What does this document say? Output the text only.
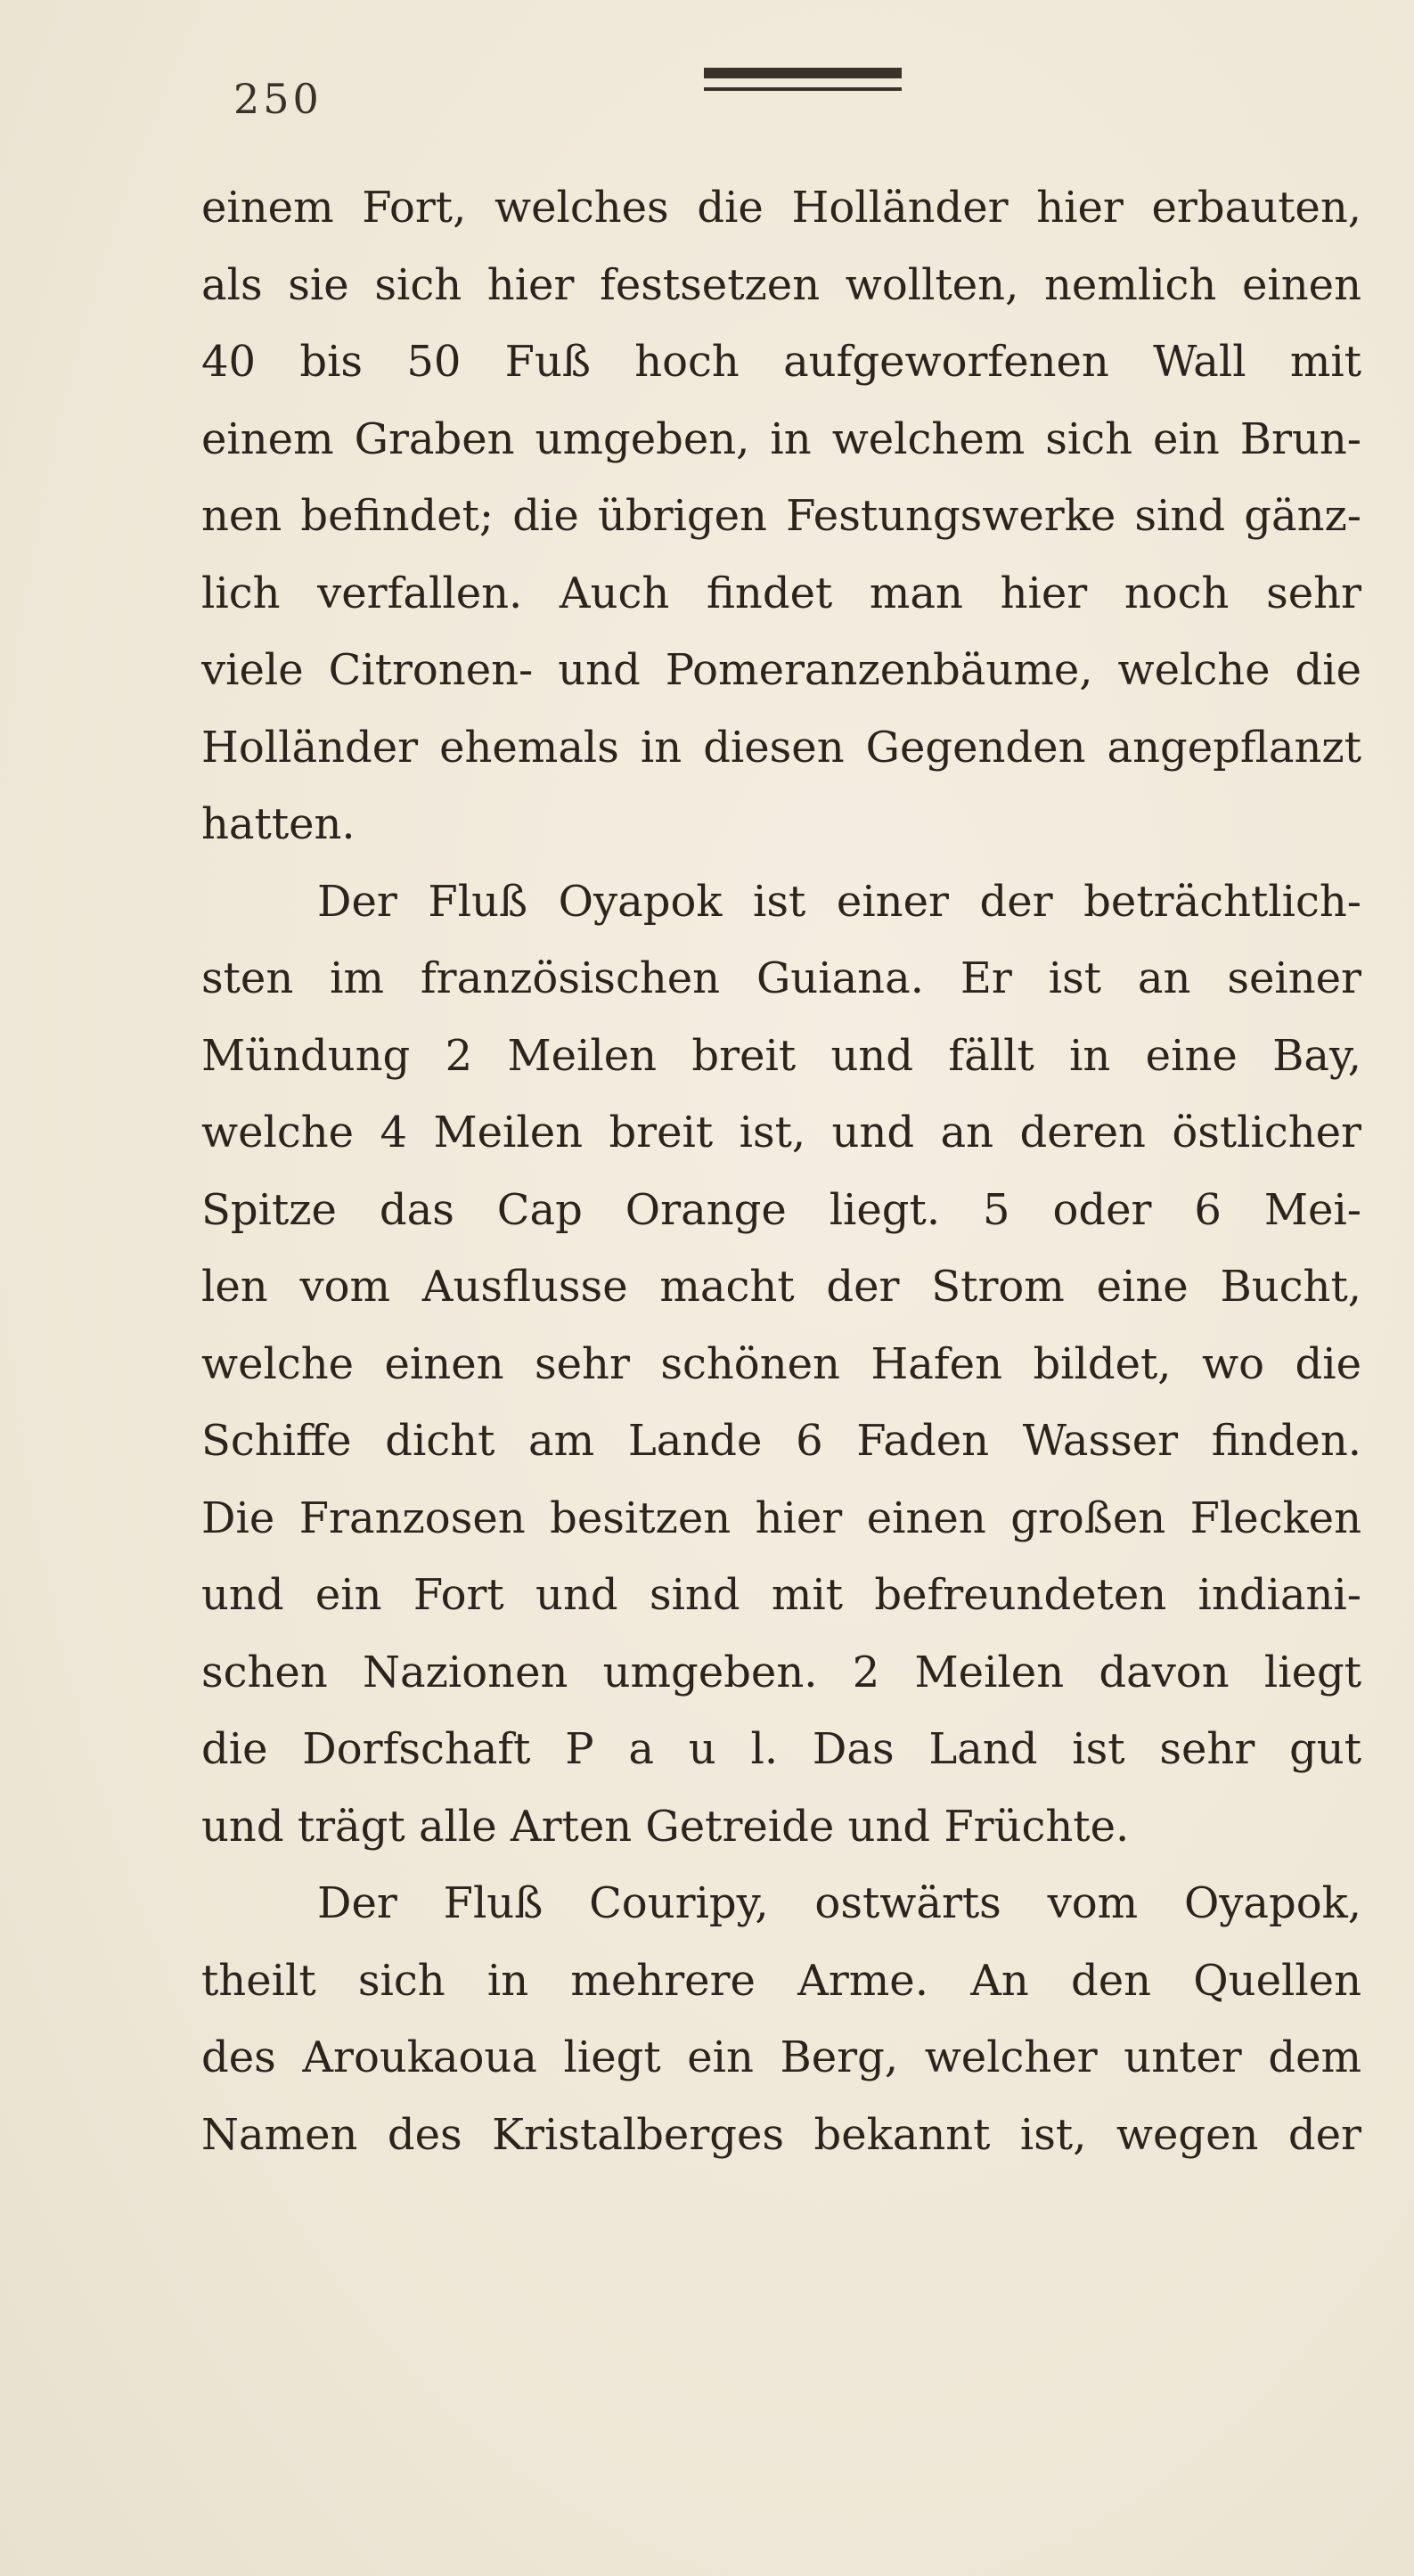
250
einem Fort, welches die Holländer hier erbauten,
als sie sich hier festsetzen wollten, nemlich einen
40 bis 50 Fuß hoch aufgeworfenen Wall mit
einem Graben umgeben, in welchem sich ein Brun-
nen befindet; die übrigen Festungswerke sind gänz-
lich verfallen. Auch findet man hier noch sehr
viele Citronen- und Pomeranzenbäume, welche die
Holländer ehemals in diesen Gegenden angepflanzt
hatten.
Der Fluß Oyapok ist einer der beträchtlich-
sten im französischen Guiana. Er ist an seiner
Mündung 2 Meilen breit und fällt in eine Bay,
welche 4 Meilen breit ist, und an deren östlicher
Spitze das Cap Orange liegt. 5 oder 6 Mei-
len vom Ausflusse macht der Strom eine Bucht,
welche einen sehr schönen Hafen bildet, wo die
Schiffe dicht am Lande 6 Faden Wasser finden.
Die Franzosen besitzen hier einen großen Flecken
und ein Fort und sind mit befreundeten indiani-
schen Nazionen umgeben. 2 Meilen davon liegt
die Dorfschaft P a u l. Das Land ist sehr gut
und trägt alle Arten Getreide und Früchte.
Der Fluß Couripy, ostwärts vom Oyapok,
theilt sich in mehrere Arme. An den Quellen
des Aroukaoua liegt ein Berg, welcher unter dem
Namen des Kristalberges bekannt ist, wegen der
